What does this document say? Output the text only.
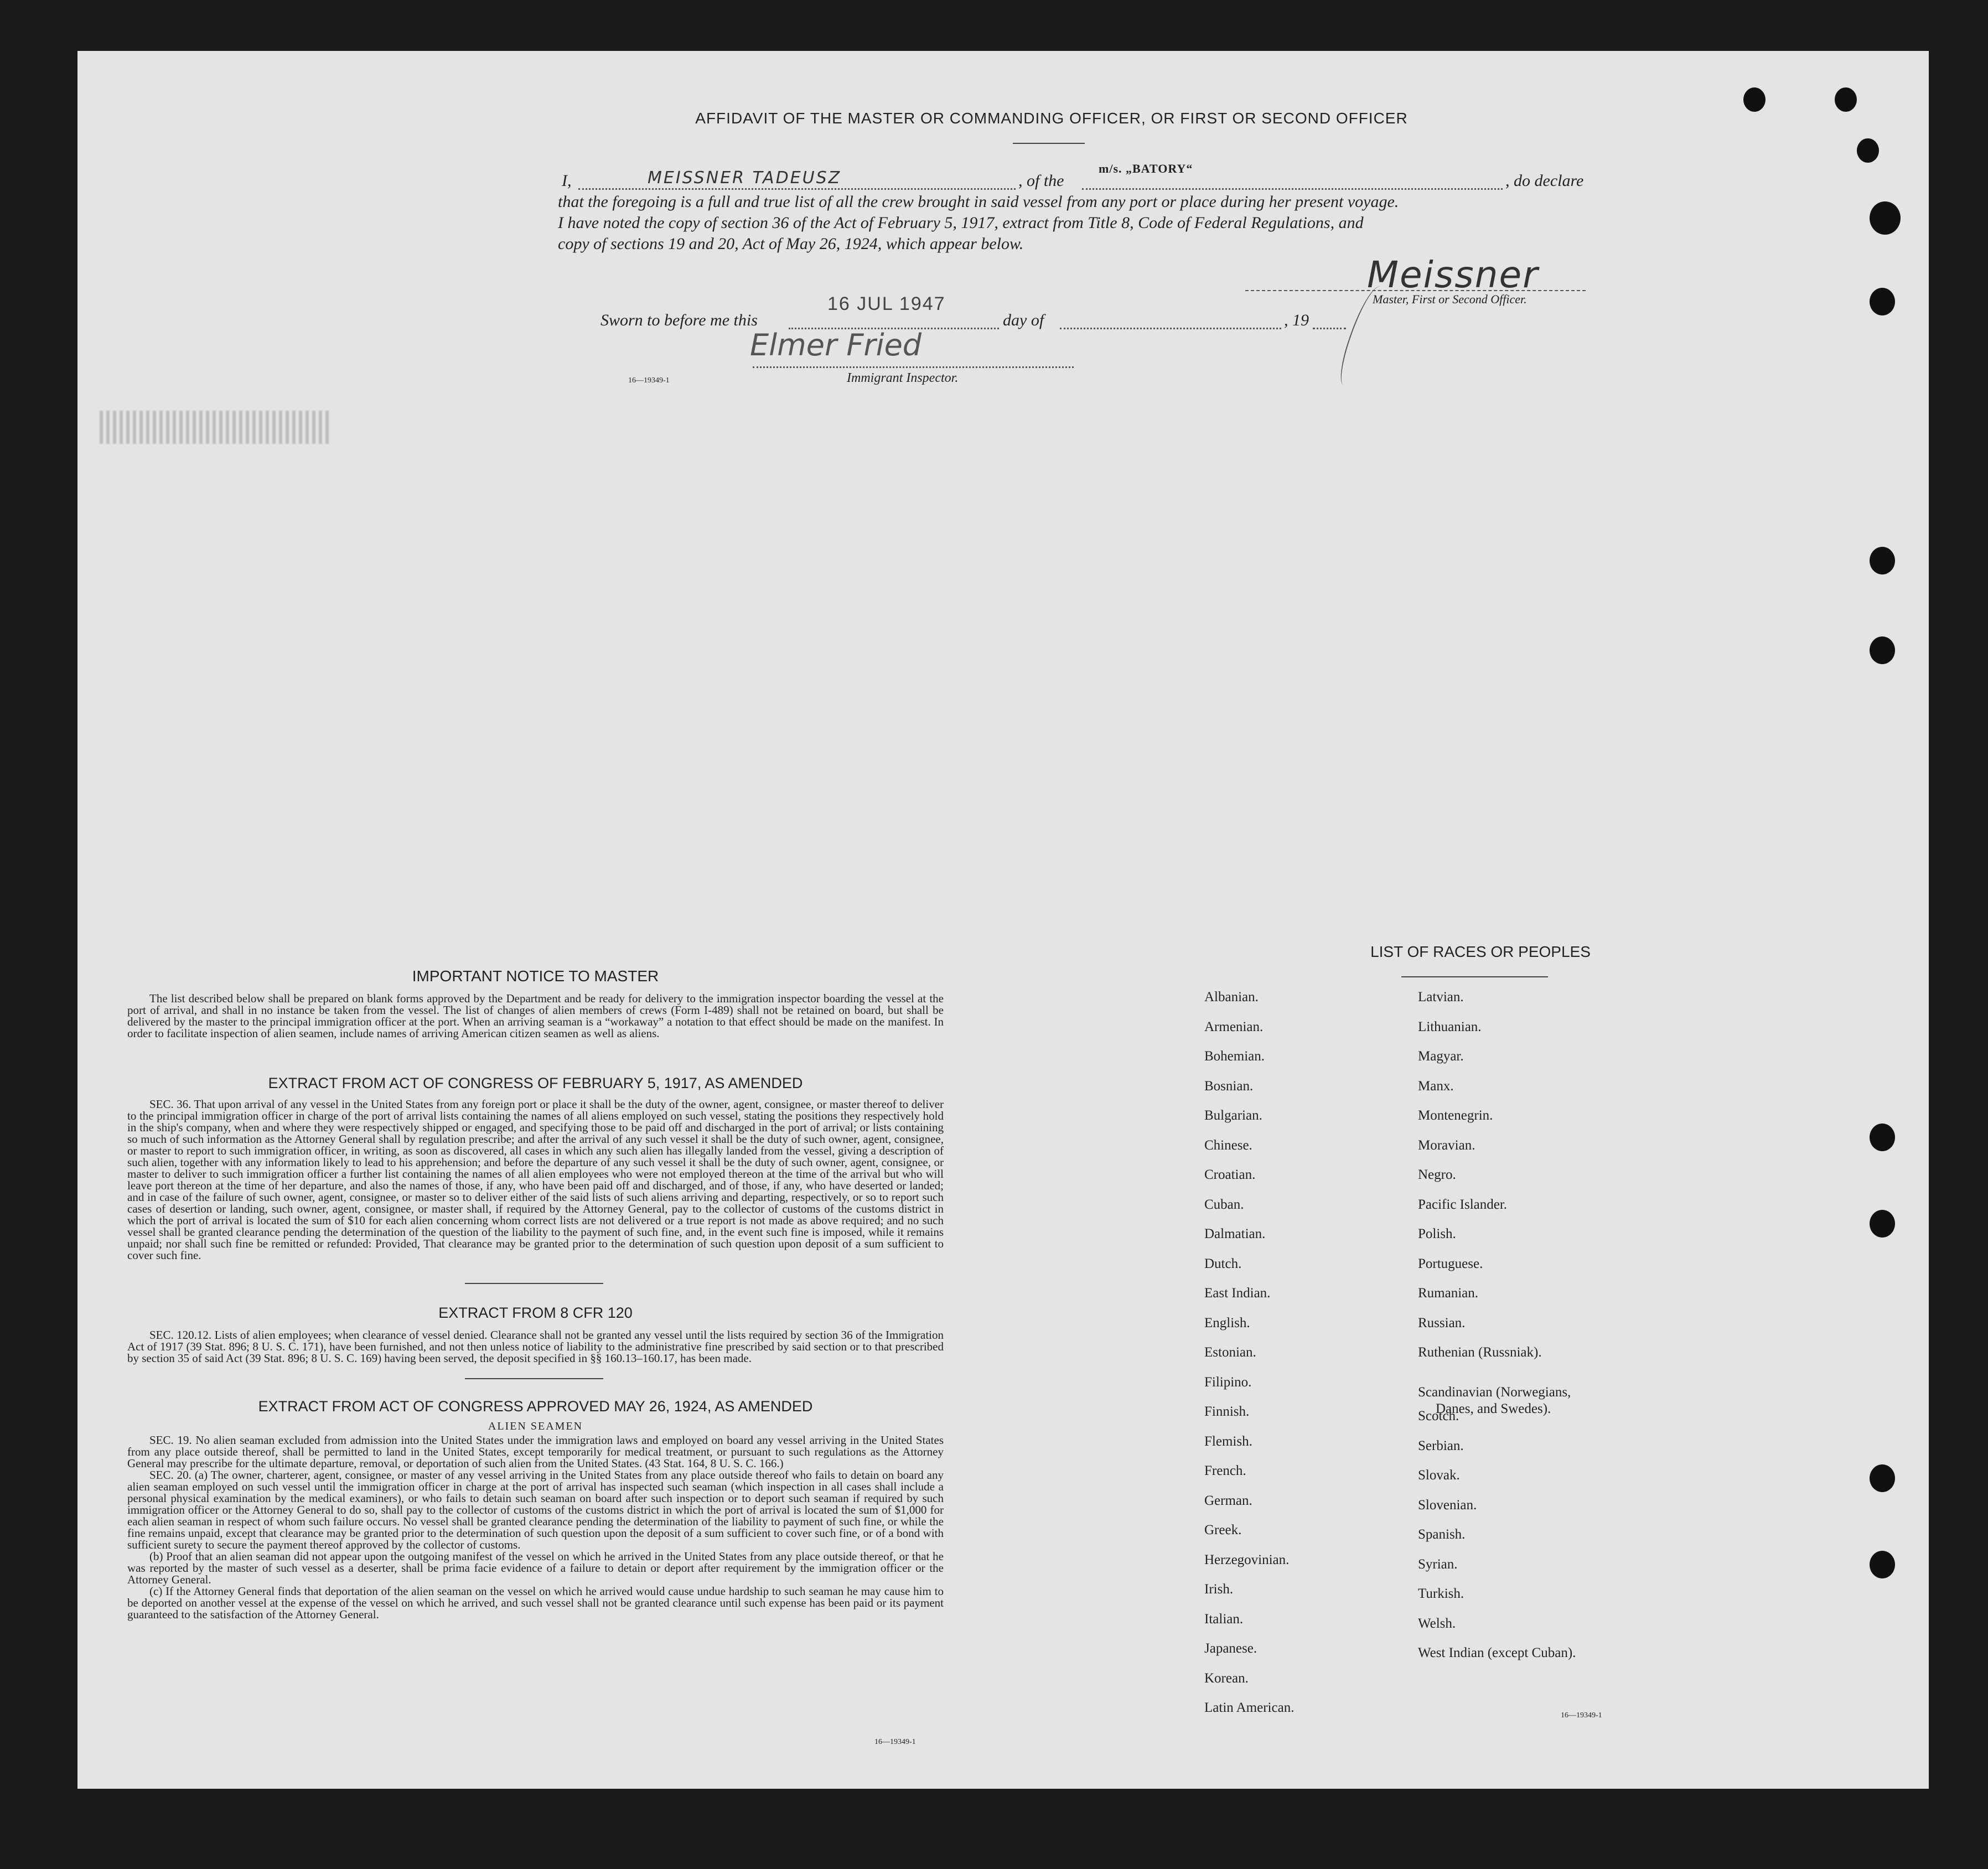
AFFIDAVIT OF THE MASTER OR COMMANDING OFFICER, OR FIRST OR SECOND OFFICER
I,	MEISSNER TADEUSZ	, of the
m/s. „BATORY“
, do declare
that the foregoing is a full and true list of all the crew brought in said vessel from any port or place during her present voyage.
I have noted the copy of section 36 of the Act of February 5, 1917, extract from Title 8, Code of Federal Regulations, and
copy of sections 19 and 20, Act of May 26, 1924, which appear below.
Meissner
Master, First or Second Officer.
Sworn to before me this
16 JUL 1947
day of	, 19
Elmer Fried
16—19349-1	Immigrant Inspector.
IMPORTANT NOTICE TO MASTER

The list described below shall be prepared on blank forms approved by the Department and be ready for delivery to the immigration inspector boarding the vessel at the port of arrival, and shall in no instance be taken from the vessel. The list of changes of alien members of crews (Form I-489) shall not be retained on board, but shall be delivered by the master to the principal immigration officer at the port. When an arriving seaman is a “workaway” a notation to that effect should be made on the manifest. In order to facilitate inspection of alien seamen, include names of arriving American citizen seamen as well as aliens.

EXTRACT FROM ACT OF CONGRESS OF FEBRUARY 5, 1917, AS AMENDED

SEC. 36. That upon arrival of any vessel in the United States from any foreign port or place it shall be the duty of the owner, agent, consignee, or master thereof to deliver to the principal immigration officer in charge of the port of arrival lists containing the names of all aliens employed on such vessel, stating the positions they respectively hold in the ship's company, when and where they were respectively shipped or engaged, and specifying those to be paid off and discharged in the port of arrival; or lists containing so much of such information as the Attorney General shall by regulation prescribe; and after the arrival of any such vessel it shall be the duty of such owner, agent, consignee, or master to report to such immigration officer, in writing, as soon as discovered, all cases in which any such alien has illegally landed from the vessel, giving a description of such alien, together with any information likely to lead to his apprehension; and before the departure of any such vessel it shall be the duty of such owner, agent, consignee, or master to deliver to such immigration officer a further list containing the names of all alien employees who were not employed thereon at the time of the arrival but who will leave port thereon at the time of her departure, and also the names of those, if any, who have been paid off and discharged, and of those, if any, who have deserted or landed; and in case of the failure of such owner, agent, consignee, or master so to deliver either of the said lists of such aliens arriving and departing, respectively, or so to report such cases of desertion or landing, such owner, agent, consignee, or master shall, if required by the Attorney General, pay to the collector of customs of the customs district in which the port of arrival is located the sum of $10 for each alien concerning whom correct lists are not delivered or a true report is not made as above required; and no such vessel shall be granted clearance pending the determination of the question of the liability to the payment of such fine, and, in the event such fine is imposed, while it remains unpaid; nor shall such fine be remitted or refunded: Provided, That clearance may be granted prior to the determination of such question upon deposit of a sum sufficient to cover such fine.

EXTRACT FROM 8 CFR 120

SEC. 120.12. Lists of alien employees; when clearance of vessel denied. Clearance shall not be granted any vessel until the lists required by section 36 of the Immigration Act of 1917 (39 Stat. 896; 8 U. S. C. 171), have been furnished, and not then unless notice of liability to the administrative fine prescribed by said section or to that prescribed by section 35 of said Act (39 Stat. 896; 8 U. S. C. 169) having been served, the deposit specified in §§ 160.13–160.17, has been made.

EXTRACT FROM ACT OF CONGRESS APPROVED MAY 26, 1924, AS AMENDED
ALIEN SEAMEN

SEC. 19. No alien seaman excluded from admission into the United States under the immigration laws and employed on board any vessel arriving in the United States from any place outside thereof, shall be permitted to land in the United States, except temporarily for medical treatment, or pursuant to such regulations as the Attorney General may prescribe for the ultimate departure, removal, or deportation of such alien from the United States. (43 Stat. 164, 8 U. S. C. 166.)

SEC. 20. (a) The owner, charterer, agent, consignee, or master of any vessel arriving in the United States from any place outside thereof who fails to detain on board any alien seaman employed on such vessel until the immigration officer in charge at the port of arrival has inspected such seaman (which inspection in all cases shall include a personal physical examination by the medical examiners), or who fails to detain such seaman on board after such inspection or to deport such seaman if required by such immigration officer or the Attorney General to do so, shall pay to the collector of customs of the customs district in which the port of arrival is located the sum of $1,000 for each alien seaman in respect of whom such failure occurs. No vessel shall be granted clearance pending the determination of the liability to payment of such fine, or while the fine remains unpaid, except that clearance may be granted prior to the determination of such question upon the deposit of a sum sufficient to cover such fine, or of a bond with sufficient surety to secure the payment thereof approved by the collector of customs.

(b) Proof that an alien seaman did not appear upon the outgoing manifest of the vessel on which he arrived in the United States from any place outside thereof, or that he was reported by the master of such vessel as a deserter, shall be prima facie evidence of a failure to detain or deport after requirement by the immigration officer or the Attorney General.

(c) If the Attorney General finds that deportation of the alien seaman on the vessel on which he arrived would cause undue hardship to such seaman he may cause him to be deported on another vessel at the expense of the vessel on which he arrived, and such vessel shall not be granted clearance until such expense has been paid or its payment guaranteed to the satisfaction of the Attorney General.

16—19349-1
LIST OF RACES OR PEOPLES
16—19349-1
Albanian.
Armenian.
Bohemian.
Bosnian.
Bulgarian.
Chinese.
Croatian.
Cuban.
Dalmatian.
Dutch.
East Indian.
English.
Estonian.
Filipino.
Finnish.
Flemish.
French.
German.
Greek.
Herzegovinian.
Irish.
Italian.
Japanese.
Korean.
Latin American.
Latvian.
Lithuanian.
Magyar.
Manx.
Montenegrin.
Moravian.
Negro.
Pacific Islander.
Polish.
Portuguese.
Rumanian.
Russian.
Ruthenian (Russniak).
Scandinavian (Norwegians,
Danes, and Swedes).
Scotch.
Serbian.
Slovak.
Slovenian.
Spanish.
Syrian.
Turkish.
Welsh.
West Indian (except Cuban).
